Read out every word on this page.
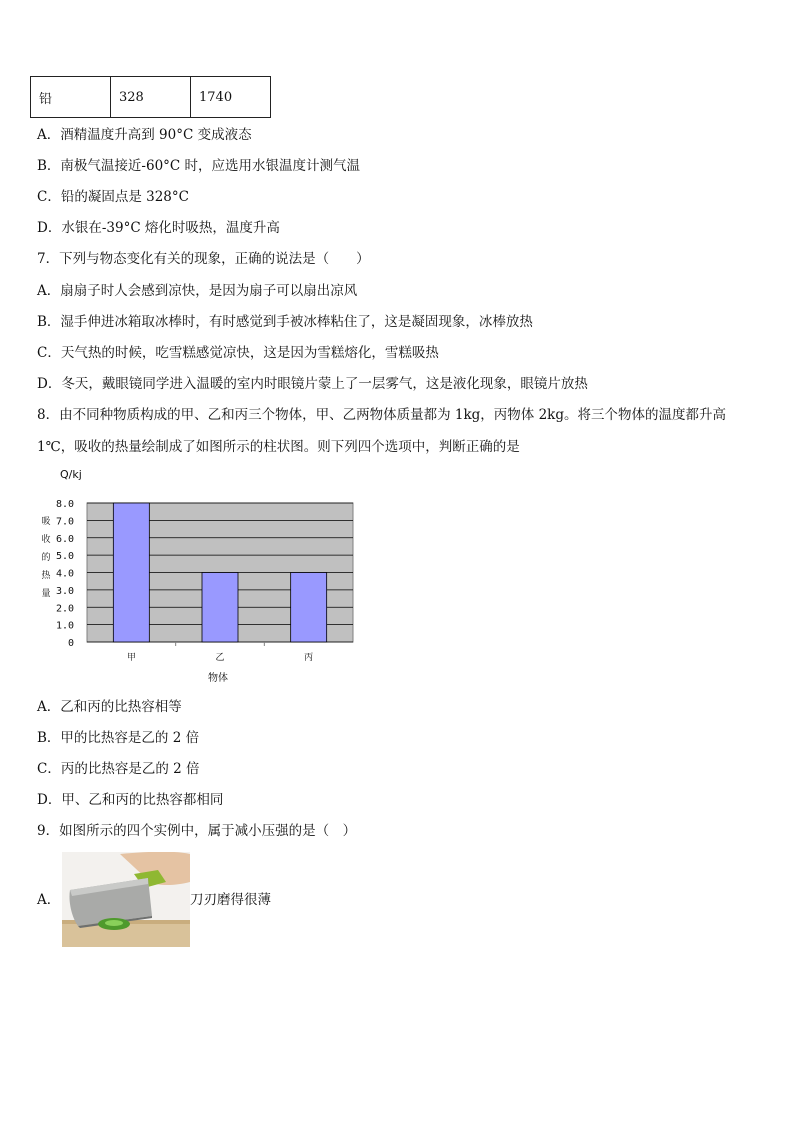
铅	328	1740
A．酒精温度升高到 90°C 变成液态
B．南极气温接近-60°C 时，应选用水银温度计测气温
C．铅的凝固点是 328°C
D．水银在-39°C 熔化时吸热，温度升高
7．下列与物态变化有关的现象，正确的说法是（　　）
A．扇扇子时人会感到凉快，是因为扇子可以扇出凉风
B．湿手伸进冰箱取冰棒时，有时感觉到手被冰棒粘住了，这是凝固现象，冰棒放热
C．天气热的时候，吃雪糕感觉凉快，这是因为雪糕熔化，雪糕吸热
D．冬天，戴眼镜同学进入温暖的室内时眼镜片蒙上了一层雾气，这是液化现象，眼镜片放热
8．由不同种物质构成的甲、乙和丙三个物体，甲、乙两物体质量都为 1kg，丙物体 2kg。将三个物体的温度都升高
1℃，吸收的热量绘制成了如图所示的柱状图。则下列四个选项中，判断正确的是
Q/kj
吸
收
的
热
量
0
1.0
2.0
3.0
4.0
5.0
6.0
7.0
8.0
甲	乙	丙
物体
A．乙和丙的比热容相等
B．甲的比热容是乙的 2 倍
C．丙的比热容是乙的 2 倍
D．甲、乙和丙的比热容都相同
9．如图所示的四个实例中，属于减小压强的是（　）
A．	刀刃磨得很薄
